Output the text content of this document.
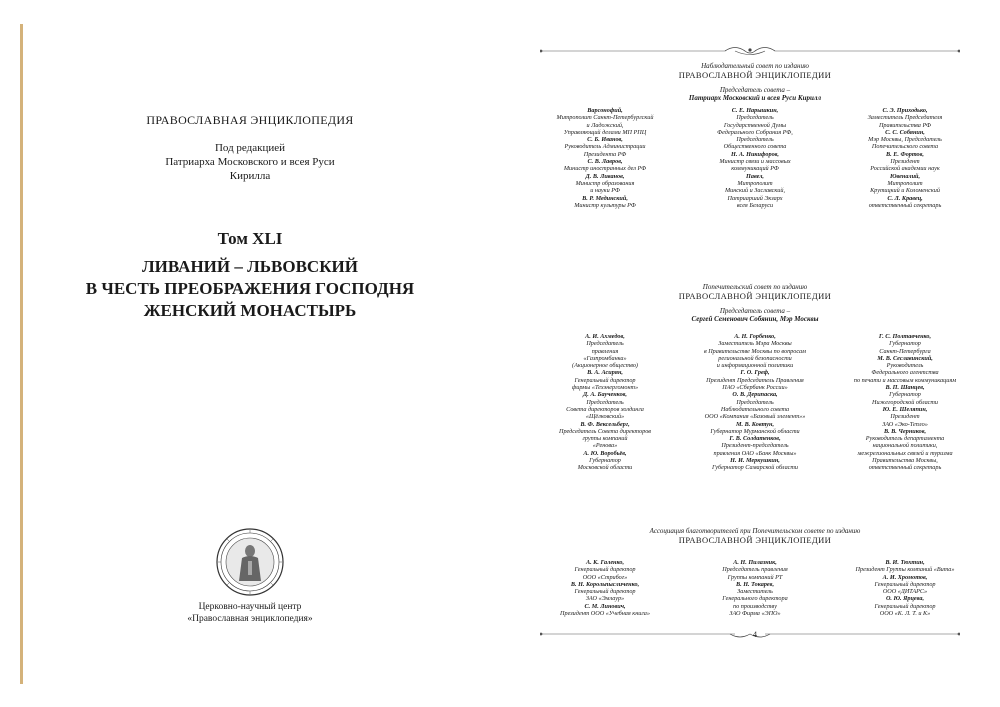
ПРАВОСЛАВНАЯ ЭНЦИКЛОПЕДИЯ
Под редакцией
Патриарха Московского и всея Руси
Кирилла
Том XLI
ЛИВАНИЙ – ЛЬВОВСКИЙ
В ЧЕСТЬ ПРЕОБРАЖЕНИЯ ГОСПОДНЯ
ЖЕНСКИЙ МОНАСТЫРЬ
Церковно-научный центр
«Православная энциклопедия»
Наблюдательный совет по изданию
ПРАВОСЛАВНОЙ ЭНЦИКЛОПЕДИИ
Председатель совета –
Патриарх Московский и всея Руси Кирилл
Варсонофий,
Митрополит Санкт-Петербургский
и Ладожский,
Управляющий делами МП РПЦ
С. Б. Иванов,
Руководитель Администрации
Президента РФ
С. В. Лавров,
Министр иностранных дел РФ
Д. В. Ливанов,
Министр образования
и науки РФ
В. Р. Мединский,
Министр культуры РФ
С. Е. Нарышкин,
Председатель
Государственной Думы
Федерального Собрания РФ,
Председатель
Общественного совета
Н. А. Никифоров,
Министр связи и массовых
коммуникаций РФ
Павел,
Митрополит
Минский и Заславский,
Патриарший Экзарх
всея Беларуси
С. Э. Приходько,
Заместитель Председателя
Правительства РФ
С. С. Собянин,
Мэр Москвы, Председатель
Попечительского совета
В. Е. Фортов,
Президент
Российской академии наук
Ювеналий,
Митрополит
Крутицкий и Коломенский
С. Л. Кравец,
ответственный секретарь
Попечительский совет по изданию
ПРАВОСЛАВНОЙ ЭНЦИКЛОПЕДИИ
Председатель совета –
Сергей Семенович Собянин, Мэр Москвы
А. И. Ахмедов,
Председатель
правления
«Газпромбанка»
(Акционерное общество)
В. А. Асирян,
Генеральный директор
фирмы «Техэнергомонт»
Д. А. Баученков,
Председатель
Совета директоров холдинга
«Щёлковский»
В. Ф. Вексельберг,
Председатель Совета директоров
группы компаний
«Ренова»
А. Ю. Воробьёв,
Губернатор
Московской области
А. Н. Горбенко,
Заместитель Мэра Москвы
в Правительстве Москвы по вопросам
региональной безопасности
и информационной политики
Г. О. Греф,
Президент Председатель Правления
ПАО «Сбербанк России»
О. В. Дерипаска,
Председатель
Наблюдательного совета
ООО «Компания «Базовый элемент»»
М. В. Ковтун,
Губернатор Мурманской области
Г. В. Солдатенков,
Президент-председатель
правления ОАО «Банк Москвы»
Н. И. Меркушкин,
Губернатор Самарской области
Г. С. Полтавченко,
Губернатор
Санкт-Петербурга
М. В. Сеславинский,
Руководитель
Федерального агентства
по печати и массовым коммуникациям
В. П. Шанцев,
Губернатор
Нижегородской области
Ю. Е. Шеляпин,
Президент
ЗАО «Эко-Тепло»
В. В. Черников,
Руководитель департамента
национальной политики,
межрегиональных связей и туризма
Правительства Москвы,
ответственный секретарь
Ассоциация благотворителей при Попечительском совете по изданию
ПРАВОСЛАВНОЙ ЭНЦИКЛОПЕДИИ
А. К. Галенко,
Генеральный директор
ООО «Стрибог»
В. Н. Корольпысличенко,
Генеральный директор
ЗАО «Эмлаур»
С. М. Линович,
Президент ООО «Учебная книга»
А. Н. Пилазник,
Председатель правления
Группы компаний РТ
В. Н. Токарев,
Заместитель
Генерального директора
по производству
ЗАО Фирма «ЭПО»
В. И. Тюхтин,
Президент Группы компаний «Вита»
А. И. Хромотов,
Генеральный директор
ООО «ДИТАРС»
О. Ю. Ярцева,
Генеральный директор
ООО «К. Л. Т. и К»
4
